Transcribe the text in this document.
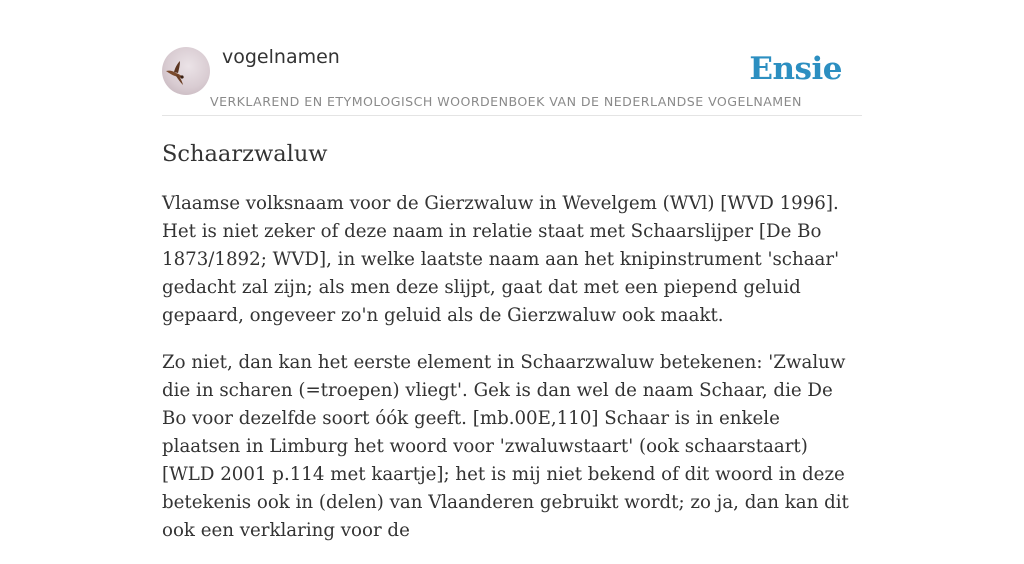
vogelnamen	Ensie
VERKLAREND EN ETYMOLOGISCH WOORDENBOEK VAN DE NEDERLANDSE VOGELNAMEN
Schaarzwaluw

Vlaamse volksnaam voor de Gierzwaluw in Wevelgem (WVl) [WVD 1996]. Het is niet zeker of deze naam in relatie staat met Schaarslijper [De Bo 1873/1892; WVD], in welke laatste naam aan het knipinstrument 'schaar' gedacht zal zijn; als men deze slijpt, gaat dat met een piepend geluid gepaard, ongeveer zo'n geluid als de Gierzwaluw ook maakt.

Zo niet, dan kan het eerste element in Schaarzwaluw betekenen: 'Zwaluw die in scharen (=troepen) vliegt'. Gek is dan wel de naam Schaar, die De Bo voor dezelfde soort óók geeft. [mb.00E,110] Schaar is in enkele plaatsen in Limburg het woord voor 'zwaluwstaart' (ook schaarstaart) [WLD 2001 p.114 met kaartje]; het is mij niet bekend of dit woord in deze betekenis ook in (delen) van Vlaanderen gebruikt wordt; zo ja, dan kan dit ook een verklaring voor de
